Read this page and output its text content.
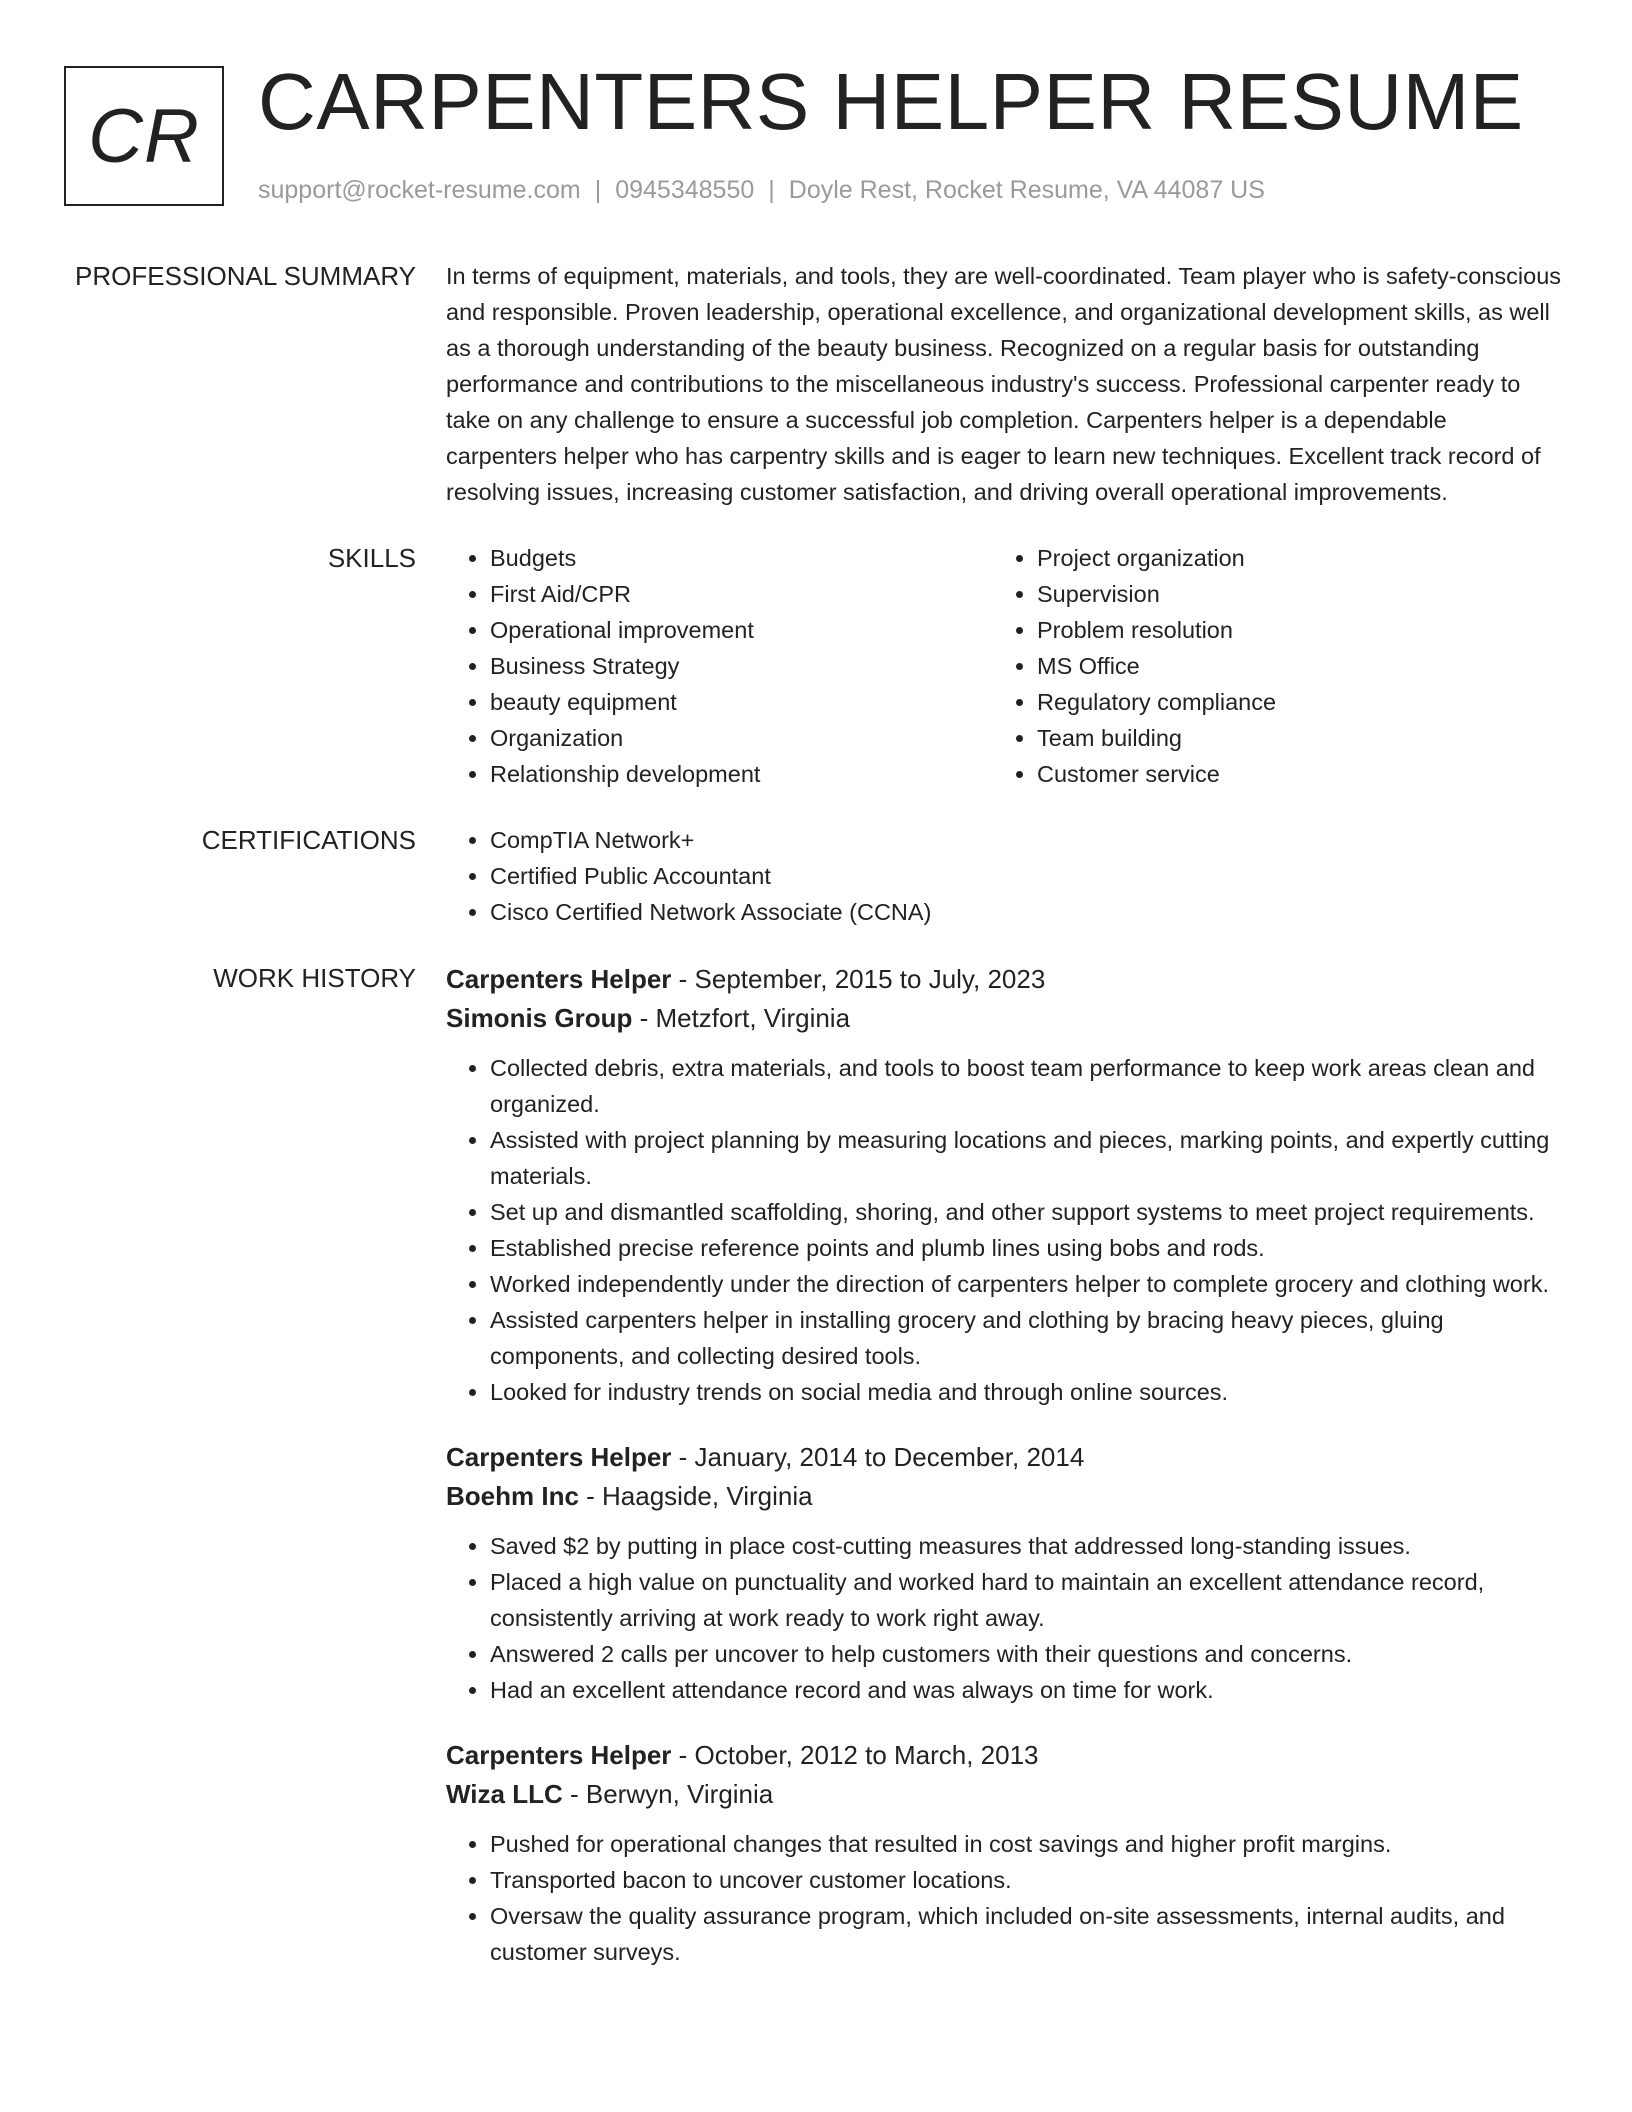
CR CARPENTERS HELPER RESUME
support@rocket-resume.com | 0945348550 | Doyle Rest, Rocket Resume, VA 44087 US
PROFESSIONAL SUMMARY In terms of equipment, materials, and tools, they are well-coordinated. Team player who is safety-conscious and responsible. Proven leadership, operational excellence, and organizational development skills, as well as a thorough understanding of the beauty business. Recognized on a regular basis for outstanding performance and contributions to the miscellaneous industry's success. Professional carpenter ready to take on any challenge to ensure a successful job completion. Carpenters helper is a dependable carpenters helper who has carpentry skills and is eager to learn new techniques. Excellent track record of resolving issues, increasing customer satisfaction, and driving overall operational improvements.

SKILLS	• Budgets
• First Aid/CPR
• Operational improvement
• Business Strategy
• beauty equipment
• Organization
• Relationship development
• Project organization
• Supervision
• Problem resolution
• MS Office
• Regulatory compliance
• Team building
• Customer service
CERTIFICATIONS	• CompTIA Network+
• Certified Public Accountant
• Cisco Certified Network Associate (CCNA)
WORK HISTORY Carpenters Helper - September, 2015 to July, 2023
Simonis Group - Metzfort, Virginia
• Collected debris, extra materials, and tools to boost team performance to keep work areas clean and organized.
• Assisted with project planning by measuring locations and pieces, marking points, and expertly cutting materials.
• Set up and dismantled scaffolding, shoring, and other support systems to meet project requirements.
• Established precise reference points and plumb lines using bobs and rods.
• Worked independently under the direction of carpenters helper to complete grocery and clothing work.
• Assisted carpenters helper in installing grocery and clothing by bracing heavy pieces, gluing components, and collecting desired tools.
• Looked for industry trends on social media and through online sources.
Carpenters Helper - January, 2014 to December, 2014
Boehm Inc - Haagside, Virginia
• Saved $2 by putting in place cost-cutting measures that addressed long-standing issues.
• Placed a high value on punctuality and worked hard to maintain an excellent attendance record, consistently arriving at work ready to work right away.
• Answered 2 calls per uncover to help customers with their questions and concerns.
• Had an excellent attendance record and was always on time for work.
Carpenters Helper - October, 2012 to March, 2013
Wiza LLC - Berwyn, Virginia
• Pushed for operational changes that resulted in cost savings and higher profit margins.
• Transported bacon to uncover customer locations.
• Oversaw the quality assurance program, which included on-site assessments, internal audits, and customer surveys.
